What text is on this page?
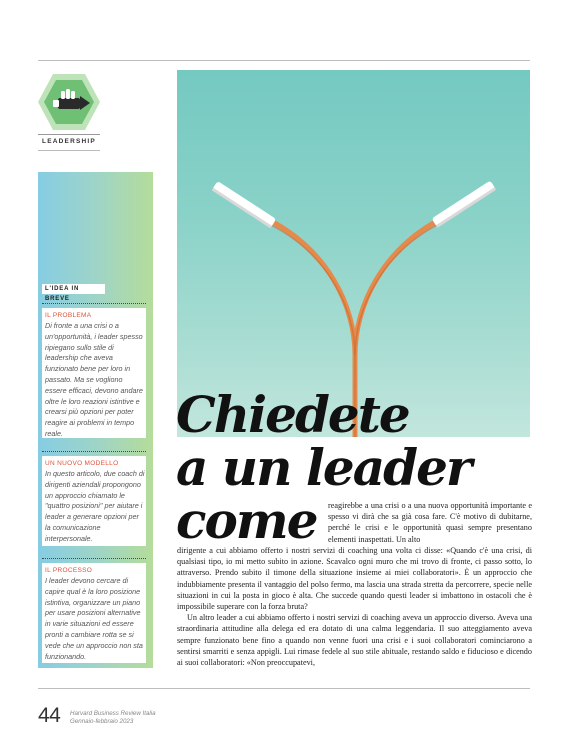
LEADERSHIP
L'IDEA IN BREVE

IL PROBLEMA

Di fronte a una crisi o a un'opportunità, i leader spesso ripiegano sullo stile di leadership che aveva funzionato bene per loro in passato. Ma se vogliono essere efficaci, devono andare oltre le loro reazioni istintive e crearsi più opzioni per poter reagire ai problemi in tempo reale.

UN NUOVO MODELLO

In questo articolo, due coach di dirigenti aziendali propongono un approccio chiamato le "quattro posizioni" per aiutare i leader a generare opzioni per la comunicazione interpersonale.

IL PROCESSO

I leader devono cercare di capire qual è la loro posizione istintiva, organizzare un piano per usare posizioni alternative in varie situazioni ed essere pronti a cambiare rotta se si vede che un approccio non sta funzionando.

Chiedete
a un leader
come	reagirebbe a una crisi o a una nuova opportunità importante e spesso vi dirà che sa già cosa fare. C'è motivo di dubitarne, perché le crisi e le opportunità quasi sempre presentano elementi inaspettati. Un alto

dirigente a cui abbiamo offerto i nostri servizi di coaching una volta ci disse: «Quando c'è una crisi, di qualsiasi tipo, io mi metto subito in azione. Scavalco ogni muro che mi trovo di fronte, ci passo sotto, lo attraverso. Prendo subito il timone della situazione insieme ai miei collaboratori». È un approccio che indubbiamente presenta il vantaggio del polso fermo, ma lascia una strada stretta da percorrere, specie nelle situazioni in cui la posta in gioco è alta. Che succede quando questi leader si imbattono in ostacoli che è impossibile superare con la forza bruta?

Un altro leader a cui abbiamo offerto i nostri servizi di coaching aveva un approccio diverso. Aveva una straordinaria attitudine alla delega ed era dotato di una calma leggendaria. Il suo atteggiamento aveva sempre funzionato bene fino a quando non venne fuori una crisi e i suoi collaboratori cominciarono a sentirsi smarriti e senza appigli. Lui rimase fedele al suo stile abituale, restando saldo e fiducioso e dicendo ai suoi collaboratori: «Non preoccupatevi,

44 Harvard Business Review Italia
Gennaio-febbraio 2023
